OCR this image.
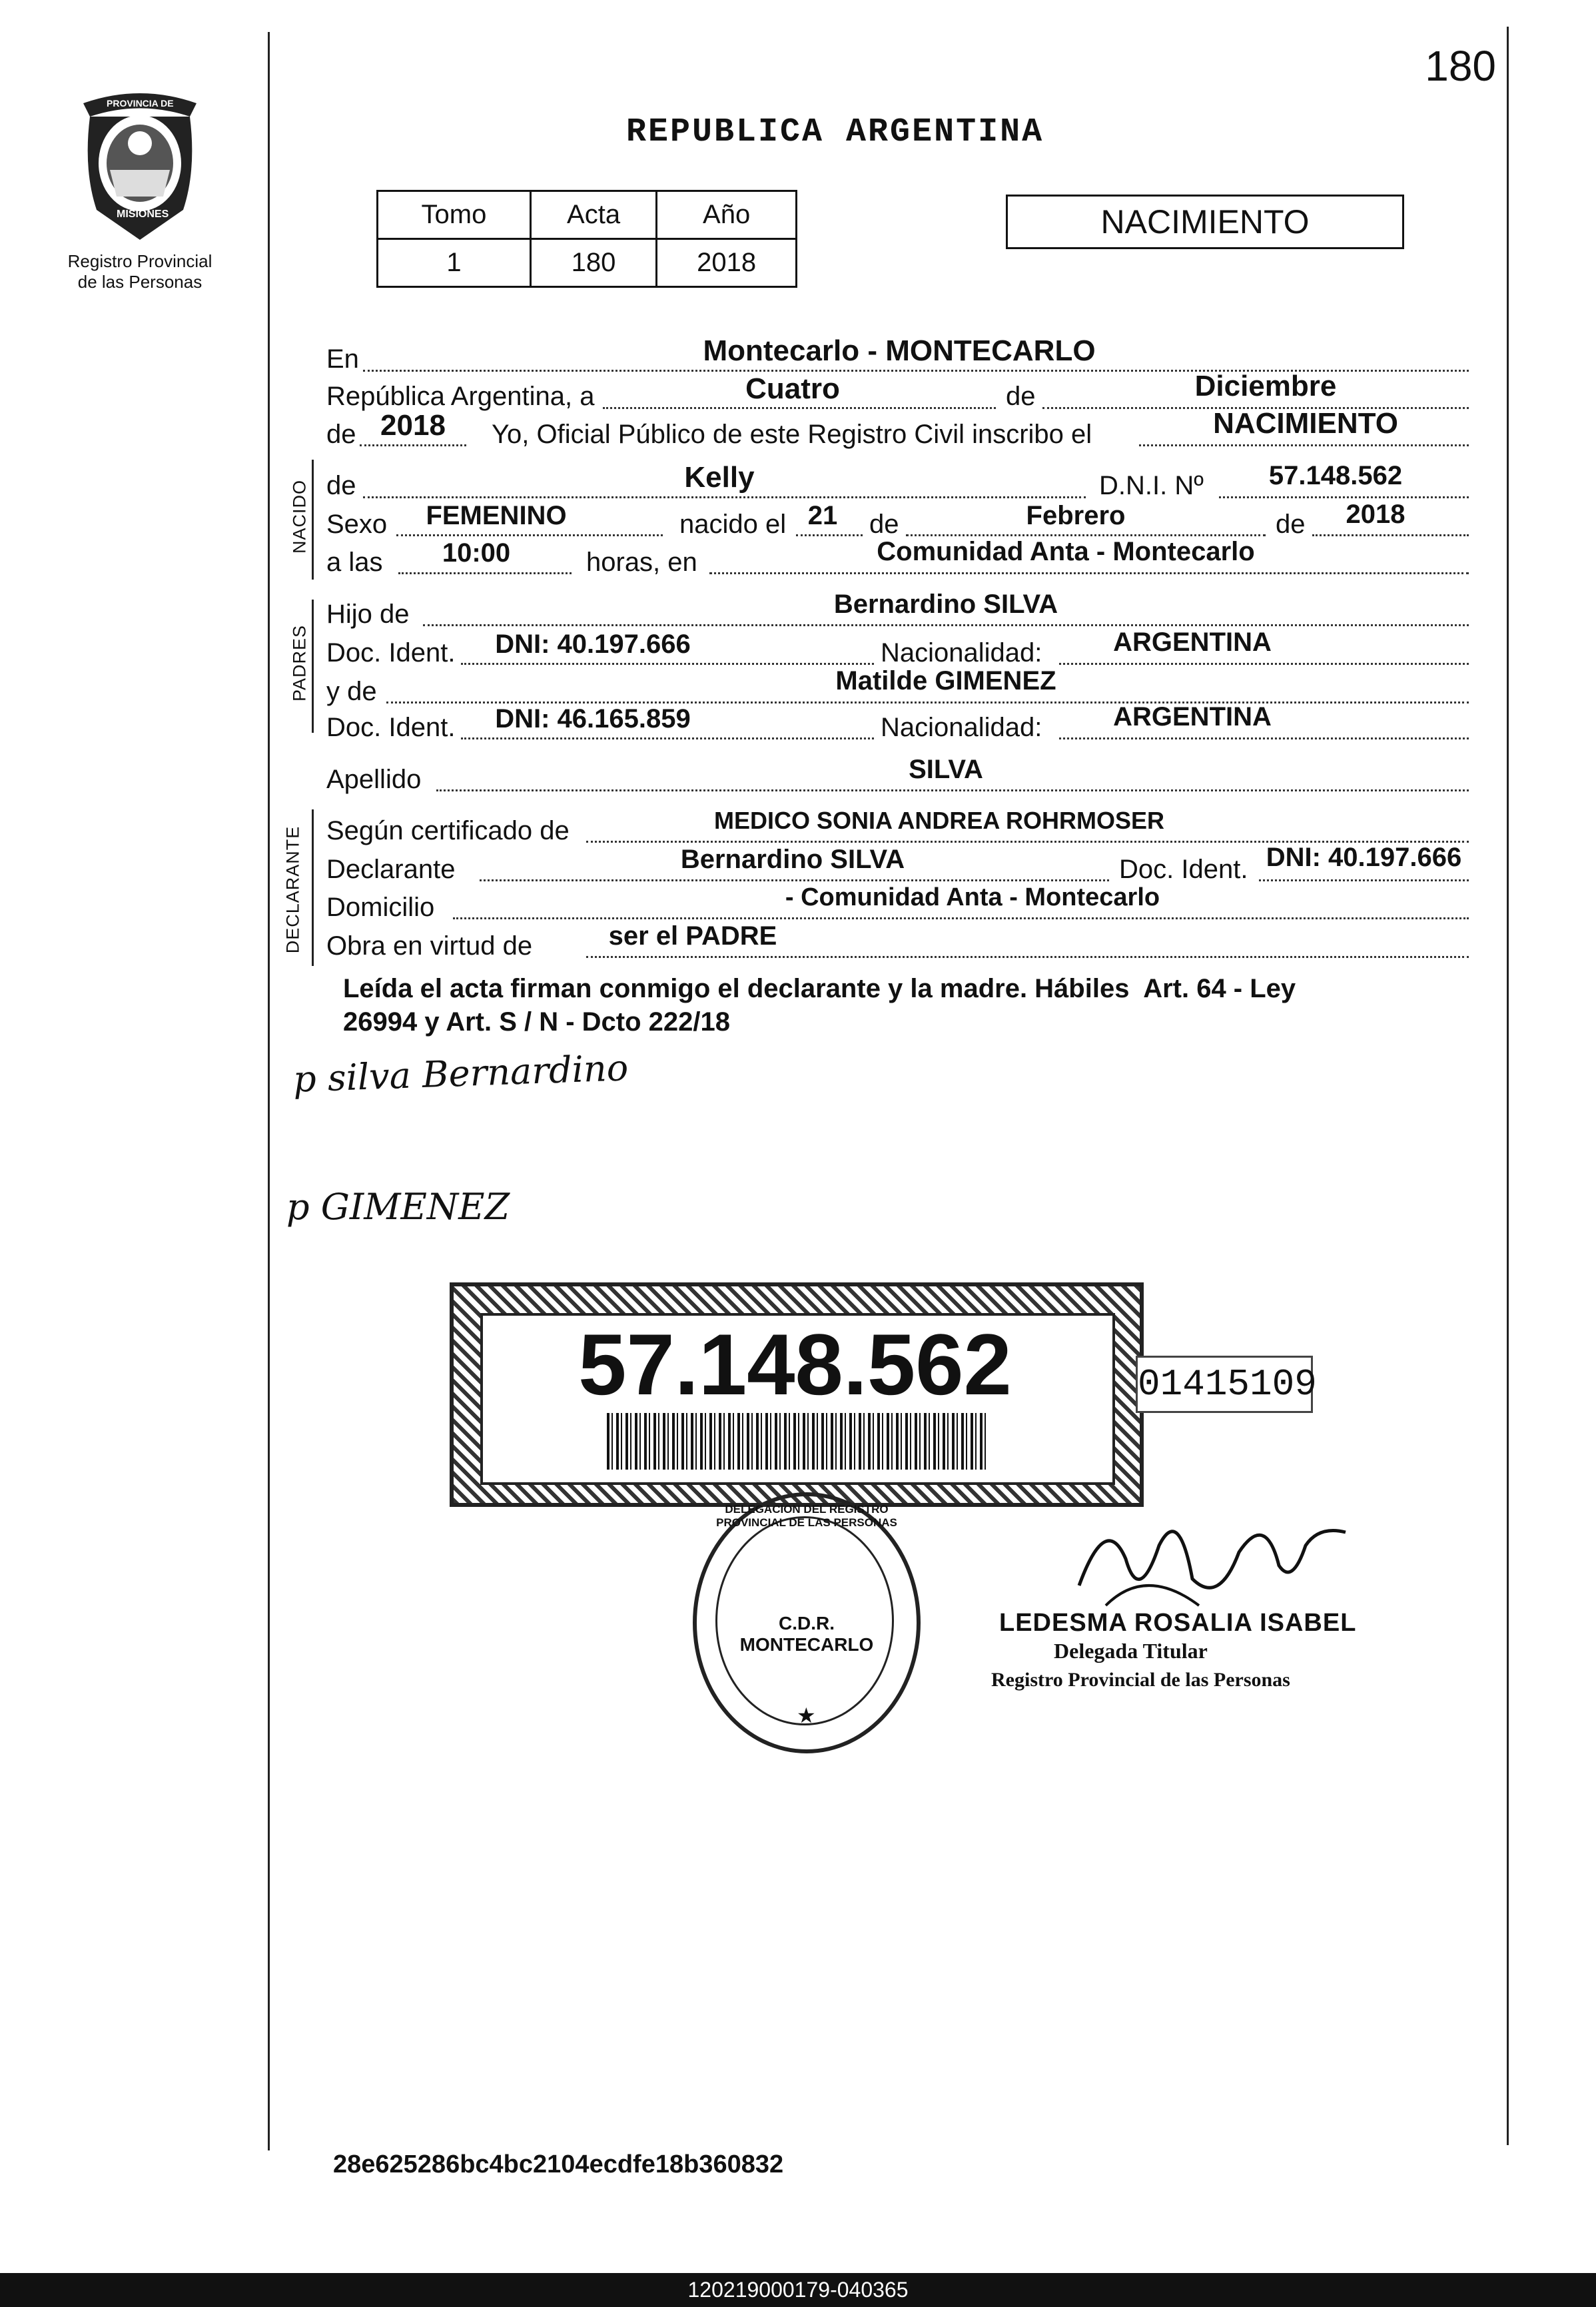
180
PROVINCIA DE
MISIONES
Registro Provincial
de las Personas
REPUBLICA ARGENTINA
Tomo	Acta	Año
1	180	2018
NACIMIENTO
NACIDO
PADRES
DECLARANTE
En	Montecarlo - MONTECARLO
República Argentina, a	Cuatro	de	Diciembre
de 2018	Yo, Oficial Público de este Registro Civil inscribo el	NACIMIENTO
de	Kelly	D.N.I. Nº	57.148.562
Sexo	FEMENINO	nacido el 21	de	Febrero	de	2018
a las	10:00	horas, en	Comunidad Anta - Montecarlo
Hijo de	Bernardino SILVA
Doc. Ident.	DNI: 40.197.666	Nacionalidad:	ARGENTINA
y de	Matilde GIMENEZ
Doc. Ident.	DNI: 46.165.859	Nacionalidad:	ARGENTINA
Apellido	SILVA
Según certificado de	MEDICO SONIA ANDREA ROHRMOSER
Declarante	Bernardino SILVA	Doc. Ident. DNI: 40.197.666
Domicilio	- Comunidad Anta - Montecarlo
Obra en virtud de	ser el PADRE
Leída el acta firman conmigo el declarante y la madre. Hábiles  Art. 64 - Ley
26994 y Art. S / N - Dcto 222/18
p silva Bernardino
p GIMENEZ
57.148.562	01415109
DELEGACION DEL REGISTRO PROVINCIAL DE LAS PERSONAS
C.D.R. MONTECARLO
★
LEDESMA ROSALIA ISABEL
Delegada Titular
Registro Provincial de las Personas
28e625286bc4bc2104ecdfe18b360832
120219000179-040365
